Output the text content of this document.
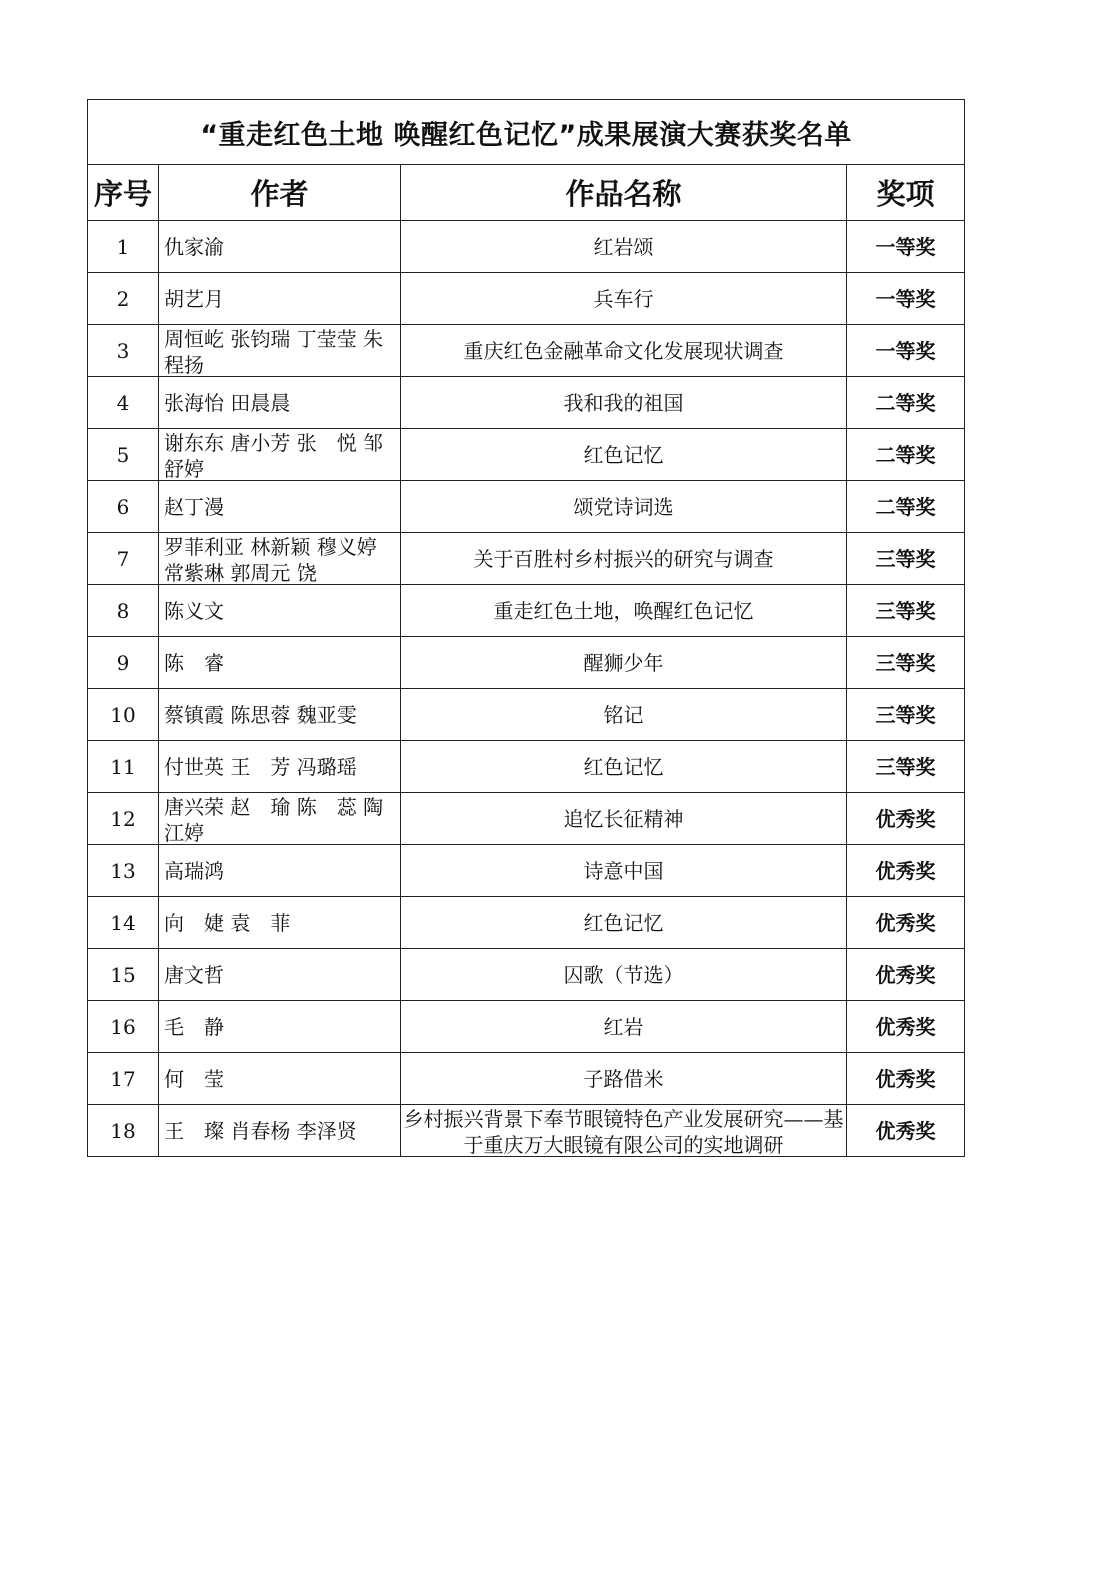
“重走红色土地 唤醒红色记忆”成果展演大赛获奖名单			
序号	作者	作品名称	奖项
1	仇家渝	红岩颂	一等奖
2	胡艺月	兵车行	一等奖
3	周恒屹 张钧瑞 丁莹莹 朱程扬	重庆红色金融革命文化发展现状调查	一等奖
4	张海怡 田晨晨	我和我的祖国	二等奖
5	谢东东 唐小芳 张　悦 邹舒婷	红色记忆	二等奖
6	赵丁漫	颂党诗词选	二等奖
7	罗菲利亚 林新颖 穆义婷 常紫琳 郭周元 饶	关于百胜村乡村振兴的研究与调查	三等奖
8	陈义文	重走红色土地，唤醒红色记忆	三等奖
9	陈　睿	醒狮少年	三等奖
10	蔡镇霞 陈思蓉 魏亚雯	铭记	三等奖
11	付世英 王　芳 冯璐瑶	红色记忆	三等奖
12	唐兴荣 赵　瑜 陈　蕊 陶江婷	追忆长征精神	优秀奖
13	高瑞鸿	诗意中国	优秀奖
14	向　婕 袁　菲	红色记忆	优秀奖
15	唐文哲	囚歌（节选）	优秀奖
16	毛　静	红岩	优秀奖
17	何　莹	子路借米	优秀奖
18	王　璨 肖春杨 李泽贤	乡村振兴背景下奉节眼镜特色产业发展研究——基于重庆万大眼镜有限公司的实地调研	优秀奖
